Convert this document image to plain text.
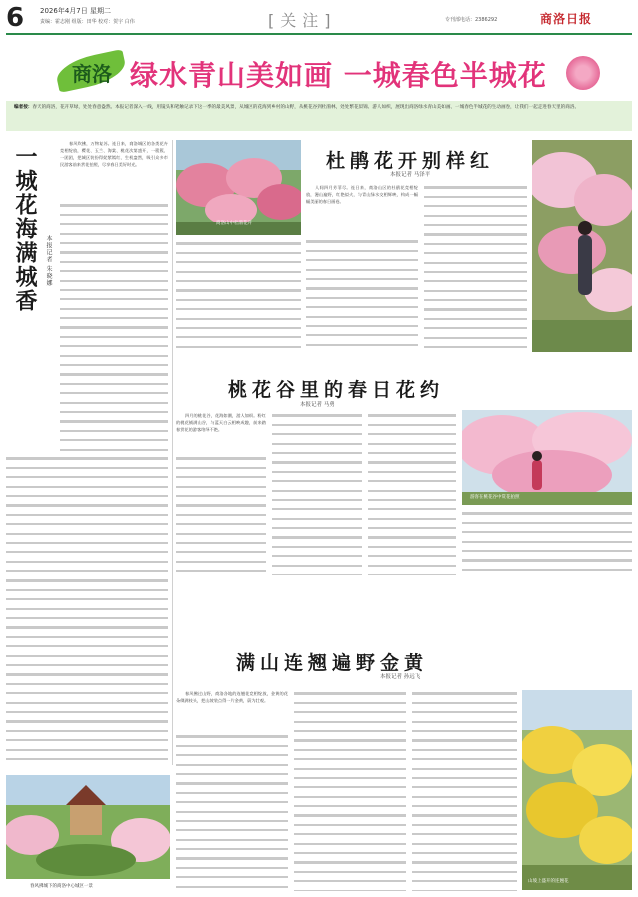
6 2026年4月7日 星期二
责编：霍志刚 组版：田华 校对：贺宇 白伟	[关注]	专刊部电话：2386292	商洛日报
商洛 绿水青山美如画 一城春色半城花
编者按：春天的商洛，花开草绿，处处春意盎然。本报记者深入一线，用镜头和笔触记录下这一季的最美风景，从城区的花海到乡村的山野，从桃花谷到杜鹃林，处处繁花似锦、游人如织，展现出商洛绿水青山美如画、一城春色半城花的生动画卷，让我们一起走进春天里的商洛。
一城花海满城香 本报记者 朱晓娜
春风吹拂，万物复苏。连日来，商洛城区的各类花卉竞相绽放，樱花、玉兰、海棠、桃花次第盛开，一簇簇、一团团，把城区装扮得姹紫嫣红、生机盎然，吸引众多市民游客前来赏花拍照，尽享春日美好时光。
商洛山中杜鹃花开
杜鹃花开别样红
本报记者 马泽平
人间四月芳菲尽。连日来，商洛山区的杜鹃花竞相绽放，漫山遍野，红艳似火，与青山绿水交相辉映，构成一幅幅美丽的春日画卷。
桃花谷里的春日花约
本报记者 马勇
四月的桃花谷，花海如潮，游人如织。粉红的桃花铺满山谷，与蓝天白云相映成趣，前来踏春赏花的游客络绎不绝。
游客在桃花谷中赏花拍照
满山连翘遍野金黄
本报记者 孙远飞
春风拂过山野，商洛各地的连翘花竞相绽放，金黄的花朵缀满枝头，把山坡装点得一片金黄，蔚为壮观。
山坡上盛开的连翘花
春风拂城下的商洛中心城区一景
